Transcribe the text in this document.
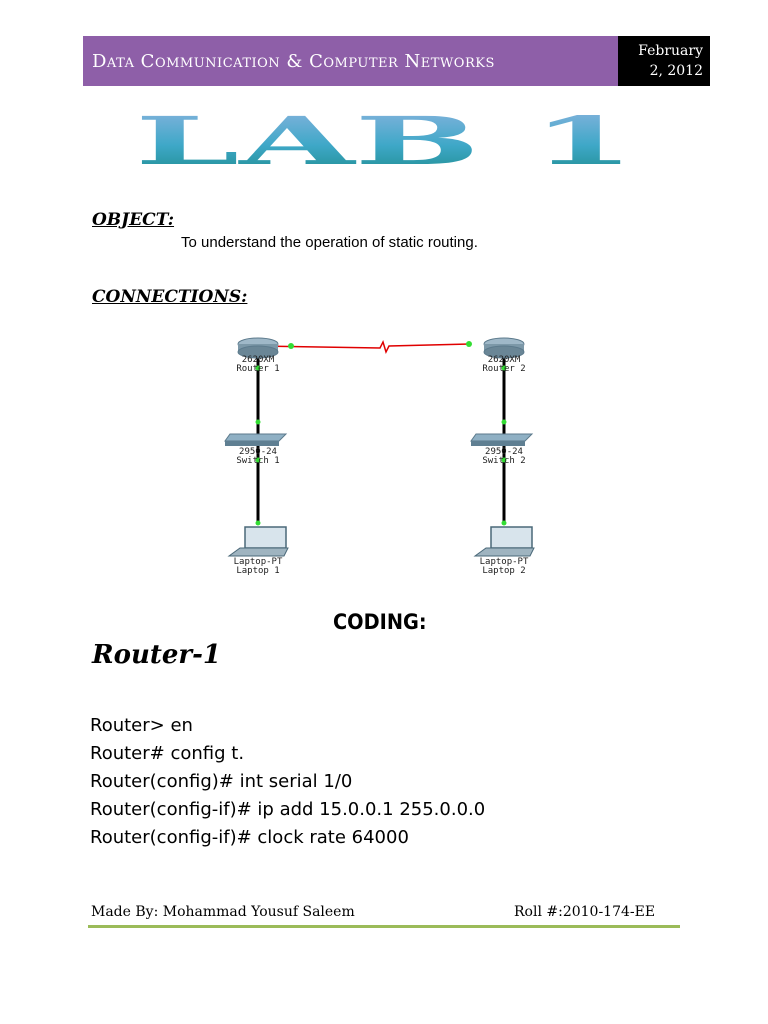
Data Communication & Computer Networks	February
2, 2012
LAB 1
OBJECT:
To understand the operation of static routing.
CONNECTIONS:
2620XM
Router 1
2620XM
Router 2
2950-24
Switch 1
2950-24
Switch 2
Laptop-PT
Laptop 1
Laptop-PT
Laptop 2
CODING:
Router-1
Router> en
Router# config t.
Router(config)# int serial 1/0
Router(config-if)# ip add 15.0.0.1 255.0.0.0
Router(config-if)# clock rate 64000
Made By: Mohammad Yousuf Saleem	Roll #:2010-174-EE
